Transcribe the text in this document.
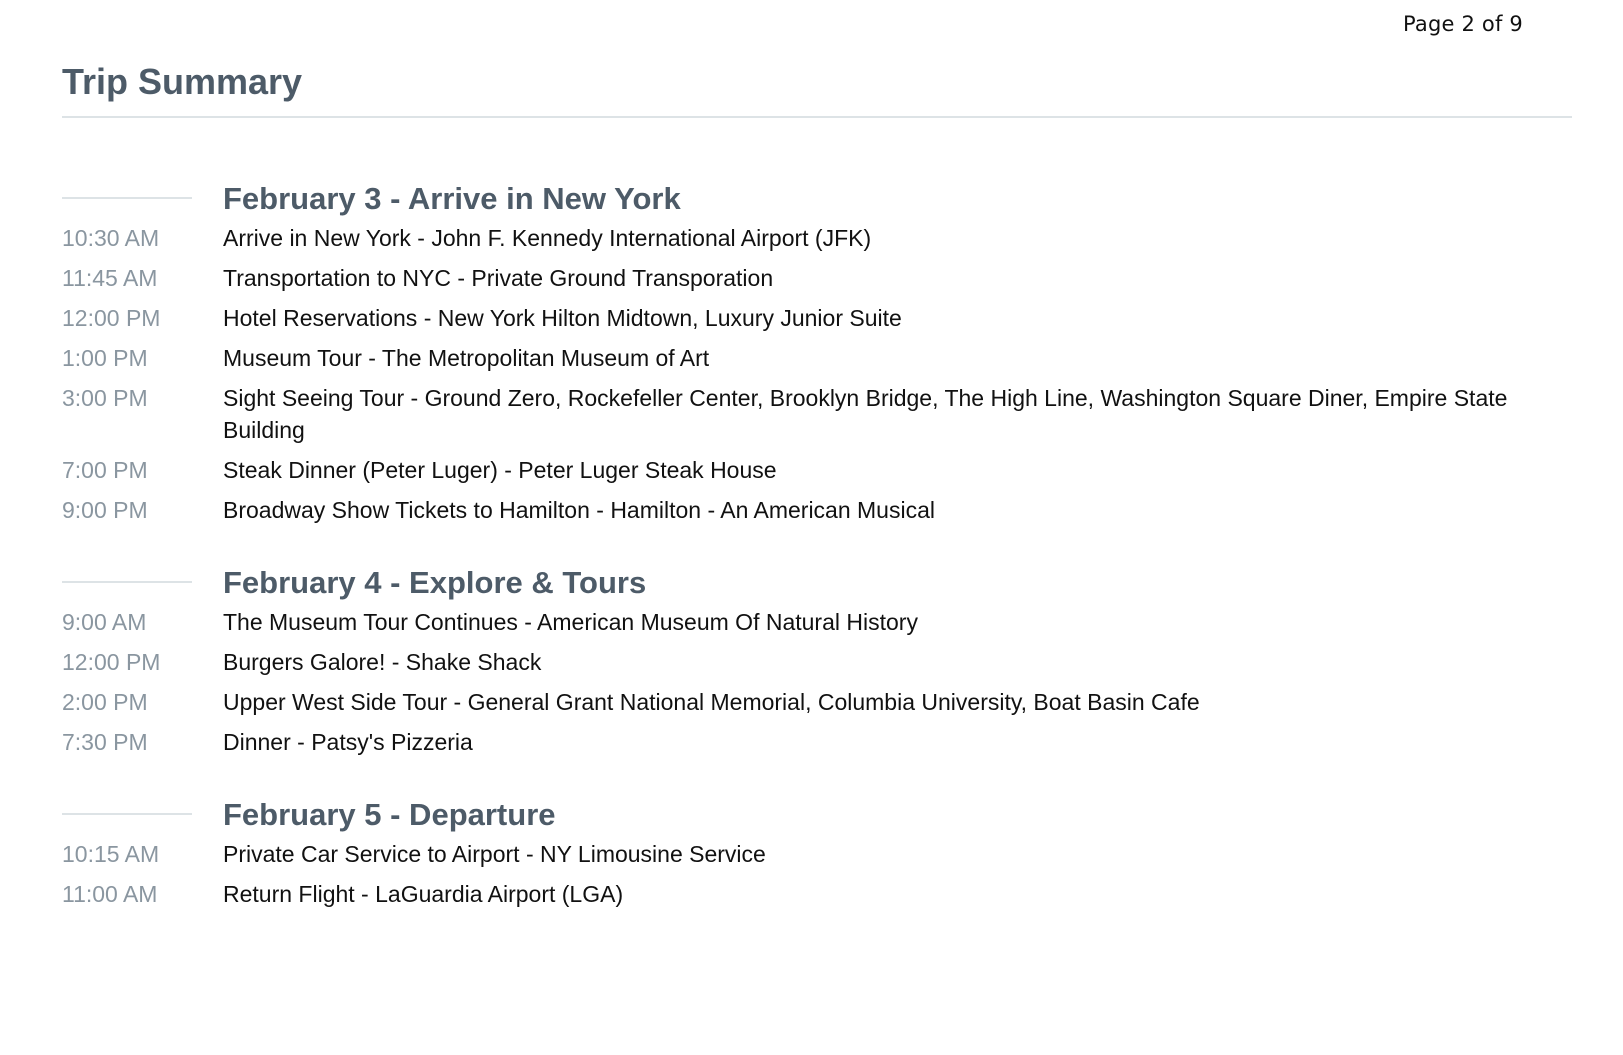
Page 2 of 9
Trip Summary
February 3 - Arrive in New York
10:30 AM	Arrive in New York - John F. Kennedy International Airport (JFK)
11:45 AM	Transportation to NYC - Private Ground Transporation
12:00 PM	Hotel Reservations - New York Hilton Midtown, Luxury Junior Suite
1:00 PM	Museum Tour - The Metropolitan Museum of Art
3:00 PM	Sight Seeing Tour - Ground Zero, Rockefeller Center, Brooklyn Bridge, The High Line, Washington Square Diner, Empire State Building
7:00 PM	Steak Dinner (Peter Luger) - Peter Luger Steak House
9:00 PM	Broadway Show Tickets to Hamilton - Hamilton - An American Musical
February 4 - Explore & Tours
9:00 AM	The Museum Tour Continues - American Museum Of Natural History
12:00 PM	Burgers Galore! - Shake Shack
2:00 PM	Upper West Side Tour - General Grant National Memorial, Columbia University, Boat Basin Cafe
7:30 PM	Dinner - Patsy's Pizzeria
February 5 - Departure
10:15 AM	Private Car Service to Airport - NY Limousine Service
11:00 AM	Return Flight - LaGuardia Airport (LGA)
